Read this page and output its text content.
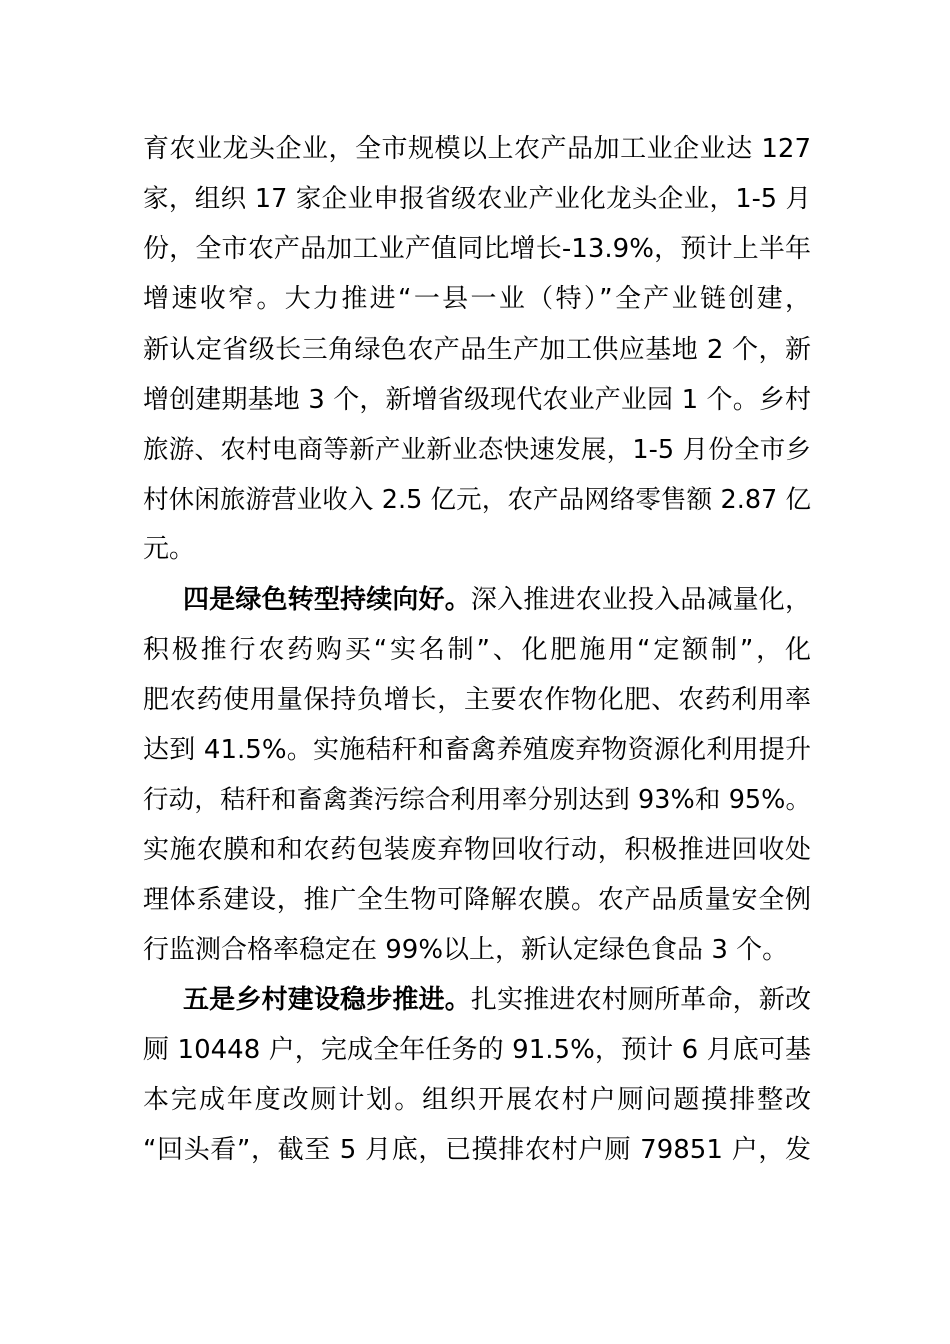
育农业龙头企业，全市规模以上农产品加工业企业达 127
家，组织 17 家企业申报省级农业产业化龙头企业，1-5 月
份，全市农产品加工业产值同比增长-13.9%，预计上半年
增速收窄。大力推进“一县一业（特）”全产业链创建，
新认定省级长三角绿色农产品生产加工供应基地 2 个，新
增创建期基地 3 个，新增省级现代农业产业园 1 个。乡村
旅游、农村电商等新产业新业态快速发展，1-5 月份全市乡
村休闲旅游营业收入 2.5 亿元，农产品网络零售额 2.87 亿
元。
四是绿色转型持续向好。深入推进农业投入品减量化，
积极推行农药购买“实名制”、化肥施用“定额制”，化
肥农药使用量保持负增长，主要农作物化肥、农药利用率
达到 41.5%。实施秸秆和畜禽养殖废弃物资源化利用提升
行动，秸秆和畜禽粪污综合利用率分别达到 93%和 95%。
实施农膜和和农药包装废弃物回收行动，积极推进回收处
理体系建设，推广全生物可降解农膜。农产品质量安全例
行监测合格率稳定在 99%以上，新认定绿色食品 3 个。
五是乡村建设稳步推进。扎实推进农村厕所革命，新改
厕 10448 户，完成全年任务的 91.5%，预计 6 月底可基
本完成年度改厕计划。组织开展农村户厕问题摸排整改
“回头看”，截至 5 月底，已摸排农村户厕 79851 户，发
